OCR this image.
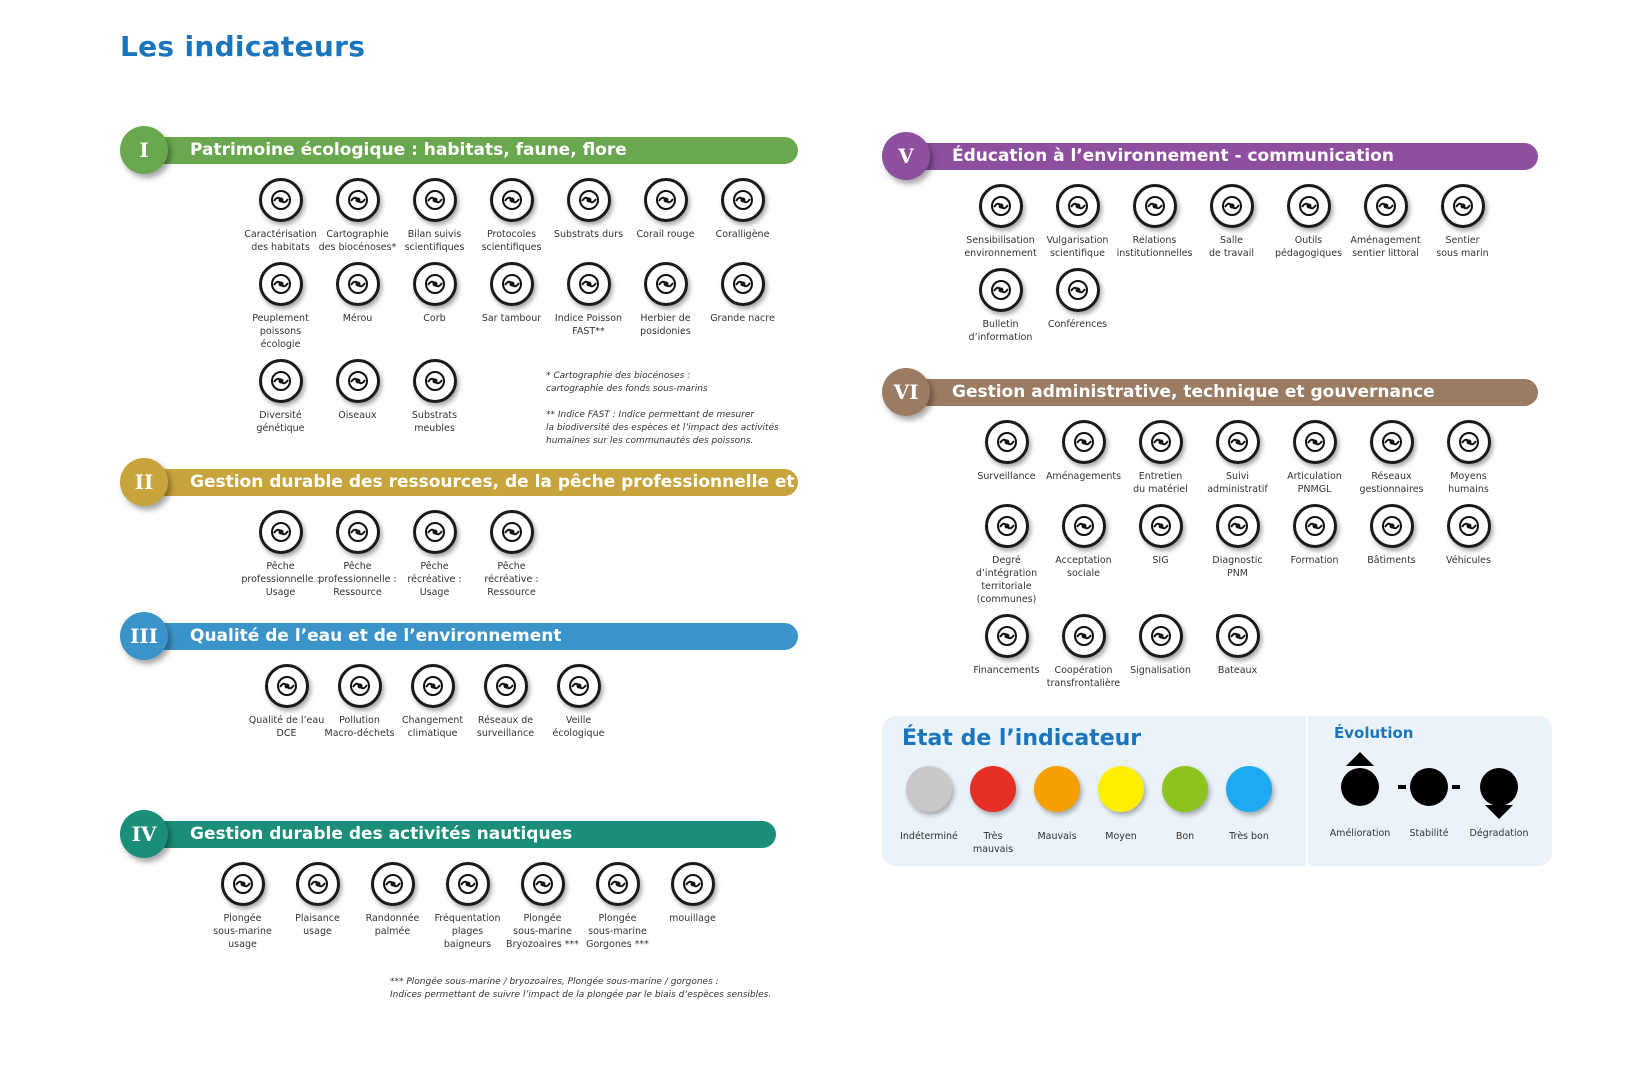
Les indicateurs
I	Patrimoine écologique : habitats, faune, flore
Caractérisation
des habitats
Cartographie
des biocénoses*
Bilan suivis
scientifiques
Protocoles
scientifiques
Substrats durs	Corail rouge	Coralligène
Peuplement
poissons écologie
Mérou	Corb	Sar tambour	Indice Poisson
FAST**
Herbier de
posidonies
Grande nacre
Diversité
génétique
Oiseaux	Substrats
meubles
* Cartographie des biocénoses :
cartographie des fonds sous-marins
** Indice FAST : Indice permettant de mesurer
la biodiversité des espèces et l’impact des activités
humaines sur les communautés des poissons.
II	Gestion durable des ressources, de la pêche professionnelle et récréative
Pêche
professionnelle :
Usage
Pêche
professionnelle :
Ressource
Pêche
récréative :
Usage
Pêche
récréative :
Ressource
III	Qualité de l’eau et de l’environnement
Qualité de l’eau
DCE
Pollution
Macro-déchets
Changement
climatique
Réseaux de
surveillance
Veille
écologique
IV	Gestion durable des activités nautiques
Plongée
sous-marine
usage
Plaisance
usage
Randonnée
palmée
Fréquentation
plages
baigneurs
Plongée
sous-marine
Bryozoaires ***
Plongée
sous-marine
Gorgones ***
mouillage
*** Plongée sous-marine / bryozoaires, Plongée sous-marine / gorgones :
Indices permettant de suivre l’impact de la plongée par le biais d’espèces sensibles.
V	Éducation à l’environnement - communication
Sensibilisation
environnement
Vulgarisation
scientifique
Relations
institutionnelles
Salle
de travail
Outils
pédagogiques
Aménagement
sentier littoral
Sentier
sous marin
Bulletin
d’information
Conférences
VI	Gestion administrative, technique et gouvernance
Surveillance	Aménagements	Entretien
du matériel
Suivi
administratif
Articulation
PNMGL
Réseaux
gestionnaires
Moyens
humains
Degré d’intégration
territoriale
(communes)
Acceptation
sociale
SIG	Diagnostic
PNM
Formation	Bâtiments	Véhicules
Financements	Coopération
transfrontalière
Signalisation	Bateaux
État de l’indicateur
Indéterminé	Très
mauvais
Mauvais	Moyen	Bon	Très bon
Évolution
Amélioration	Stabilité	Dégradation
